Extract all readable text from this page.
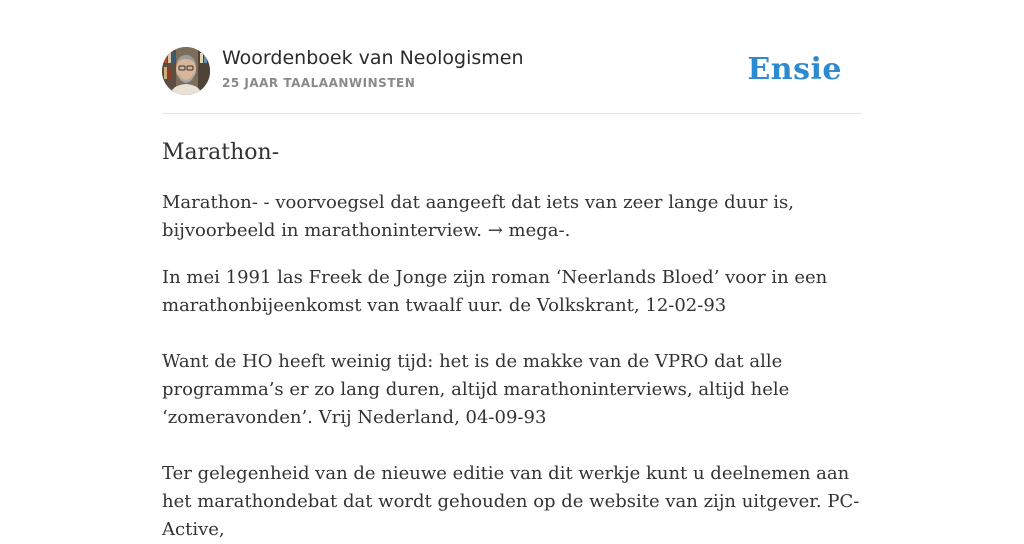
Woordenboek van Neologismen
25 JAAR TAALAANWINSTEN	Ensie
Marathon-

Marathon- - voorvoegsel dat aangeeft dat iets van zeer lange duur is, bijvoorbeeld in marathoninterview. → mega-.

In mei 1991 las Freek de Jonge zijn roman ‘Neerlands Bloed’ voor in een marathonbijeenkomst van twaalf uur. de Volkskrant, 12-02-93

Want de HO heeft weinig tijd: het is de makke van de VPRO dat alle programma’s er zo lang duren, altijd marathoninterviews, altijd hele ‘zomeravonden’. Vrij Nederland, 04-09-93

Ter gelegenheid van de nieuwe editie van dit werkje kunt u deelnemen aan het marathondebat dat wordt gehouden op de website van zijn uitgever. PC-Active,
